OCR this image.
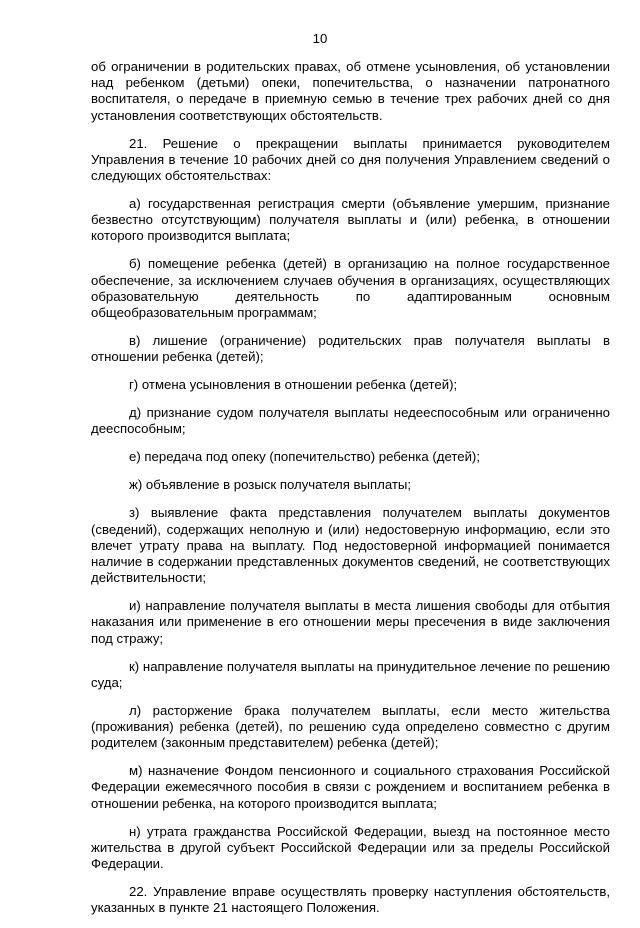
10

об ограничении в родительских правах, об отмене усыновления, об установлении над ребенком (детьми) опеки, попечительства, о назначении патронатного воспитателя, о передаче в приемную семью в течение трех рабочих дней со дня установления соответствующих обстоятельств.

21. Решение о прекращении выплаты принимается руководителем Управления в течение 10 рабочих дней со дня получения Управлением сведений о следующих обстоятельствах:

а) государственная регистрация смерти (объявление умершим, признание безвестно отсутствующим) получателя выплаты и (или) ребенка, в отношении которого производится выплата;

б) помещение ребенка (детей) в организацию на полное государственное обеспечение, за исключением случаев обучения в организациях, осуществляющих образовательную деятельность по адаптированным основным общеобразовательным программам;

в) лишение (ограничение) родительских прав получателя выплаты в отношении ребенка (детей);

г) отмена усыновления в отношении ребенка (детей);

д) признание судом получателя выплаты недееспособным или ограниченно дееспособным;

е) передача под опеку (попечительство) ребенка (детей);

ж) объявление в розыск получателя выплаты;

з) выявление факта представления получателем выплаты документов (сведений), содержащих неполную и (или) недостоверную информацию, если это влечет утрату права на выплату. Под недостоверной информацией понимается наличие в содержании представленных документов сведений, не соответствующих действительности;

и) направление получателя выплаты в места лишения свободы для отбытия наказания или применение в его отношении меры пресечения в виде заключения под стражу;

к) направление получателя выплаты на принудительное лечение по решению суда;

л) расторжение брака получателем выплаты, если место жительства (проживания) ребенка (детей), по решению суда определено совместно с другим родителем (законным представителем) ребенка (детей);

м) назначение Фондом пенсионного и социального страхования Российской Федерации ежемесячного пособия в связи с рождением и воспитанием ребенка в отношении ребенка, на которого производится выплата;

н) утрата гражданства Российской Федерации, выезд на постоянное место жительства в другой субъект Российской Федерации или за пределы Российской Федерации.

22. Управление вправе осуществлять проверку наступления обстоятельств, указанных в пункте 21 настоящего Положения.
